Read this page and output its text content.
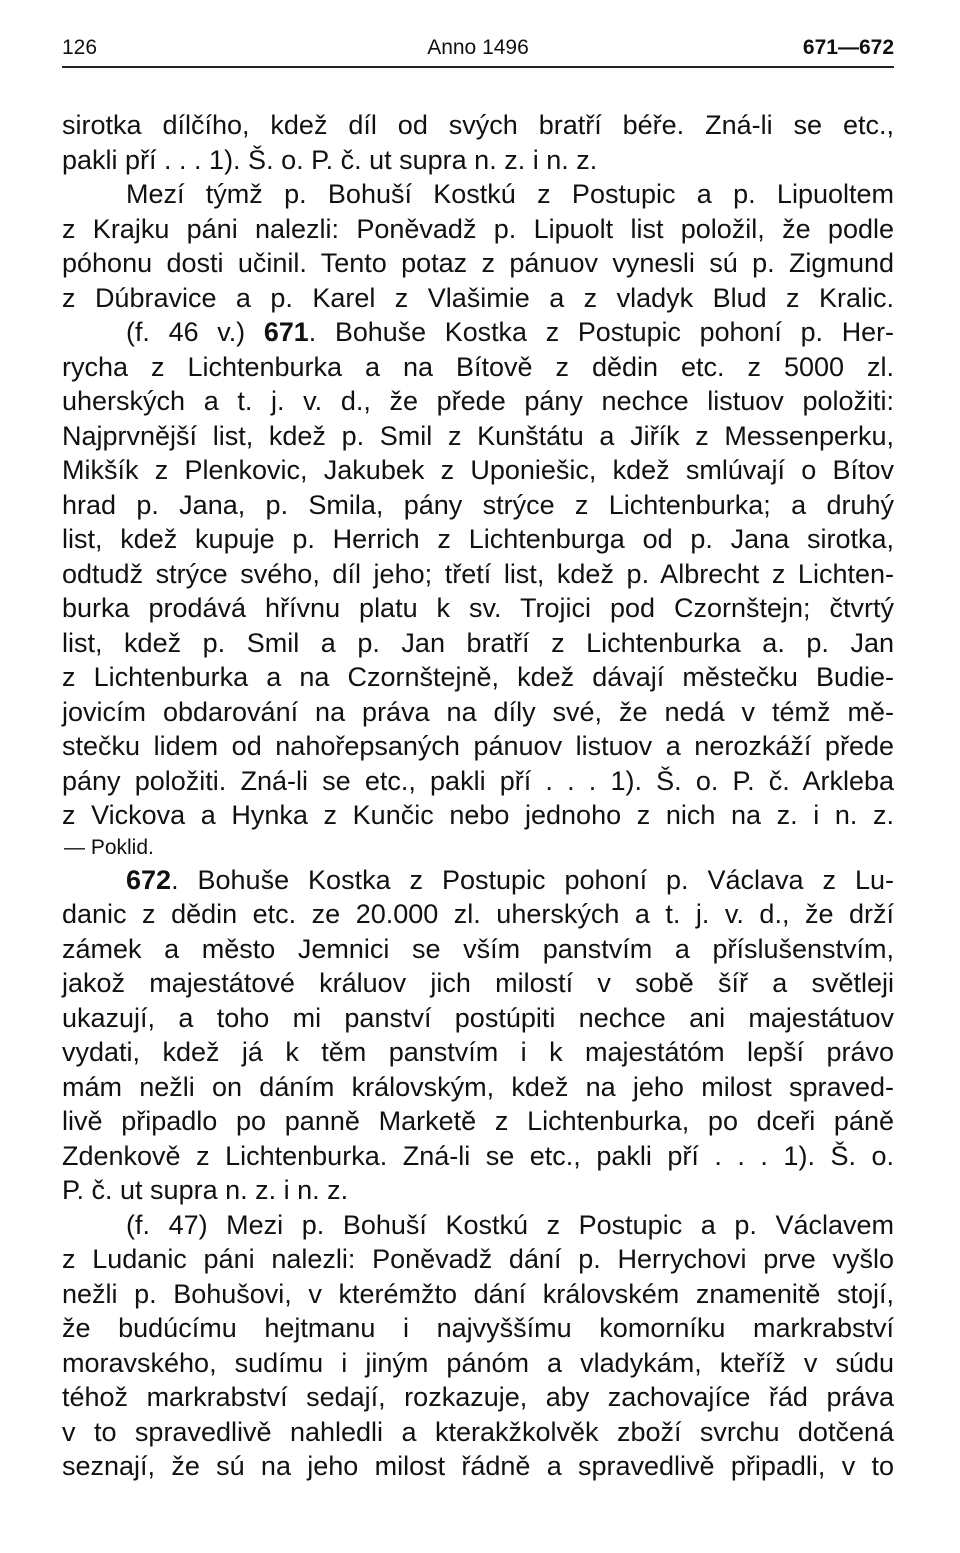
126	Anno 1496	671—672
sirotka dílčího, kdež díl od svých bratří béře. Zná-li se etc.,
pakli pří . . . 1). Š. o. P. č. ut supra n. z. i n. z.
Mezí týmž p. Bohuší Kostkú z Postupic a p. Lipuoltem
z Krajku páni nalezli: Poněvadž p. Lipuolt list položil, že podle
póhonu dosti učinil. Tento potaz z pánuov vynesli sú p. Zigmund
z Dúbravice a p. Karel z Vlašimie a z vladyk Blud z Kralic.
(f. 46 v.) 671. Bohuše Kostka z Postupic pohoní p. Her-
rycha z Lichtenburka a na Bítově z dědin etc. z 5000 zl.
uherských a t. j. v. d., že přede pány nechce listuov položiti:
Najprvnější list, kdež p. Smil z Kunštátu a Jiřík z Messenperku,
Mikšík z Plenkovic, Jakubek z Uponiešic, kdež smlúvají o Bítov
hrad p. Jana, p. Smila, pány strýce z Lichtenburka; a druhý
list, kdež kupuje p. Herrich z Lichtenburga od p. Jana sirotka,
odtudž strýce svého, díl jeho; třetí list, kdež p. Albrecht z Lichten-
burka prodává hřívnu platu k sv. Trojici pod Czornštejn; čtvrtý
list, kdež p. Smil a p. Jan bratří z Lichtenburka a. p. Jan
z Lichtenburka a na Czornštejně, kdež dávají městečku Budie-
jovicím obdarování na práva na díly své, že nedá v témž mě-
stečku lidem od nahořepsaných pánuov listuov a nerozkáží přede
pány položiti. Zná-li se etc., pakli pří . . . 1). Š. o. P. č. Arkleba
z Vickova a Hynka z Kunčic nebo jednoho z nich na z. i n. z.
— Poklid.
672. Bohuše Kostka z Postupic pohoní p. Václava z Lu-
danic z dědin etc. ze 20.000 zl. uherských a t. j. v. d., že drží
zámek a město Jemnici se vším panstvím a příslušenstvím,
jakož majestátové králuov jich milostí v sobě šíř a světleji
ukazují, a toho mi panství postúpiti nechce ani majestátuov
vydati, kdež já k těm panstvím i k majestátóm lepší právo
mám nežli on dáním královským, kdež na jeho milost spraved-
livě připadlo po panně Marketě z Lichtenburka, po dceři páně
Zdenkově z Lichtenburka. Zná-li se etc., pakli pří . . . 1). Š. o.
P. č. ut supra n. z. i n. z.
(f. 47) Mezi p. Bohuší Kostkú z Postupic a p. Václavem
z Ludanic páni nalezli: Poněvadž dání p. Herrychovi prve vyšlo
nežli p. Bohušovi, v kterémžto dání královském znamenitě stojí,
že budúcímu hejtmanu i najvyššímu komorníku markrabství
moravského, sudímu i jiným pánóm a vladykám, kteříž v súdu
téhož markrabství sedají, rozkazuje, aby zachovajíce řád práva
v to spravedlivě nahledli a kterakžkolvěk zboží svrchu dotčená
seznají, že sú na jeho milost řádně a spravedlivě připadli, v to
